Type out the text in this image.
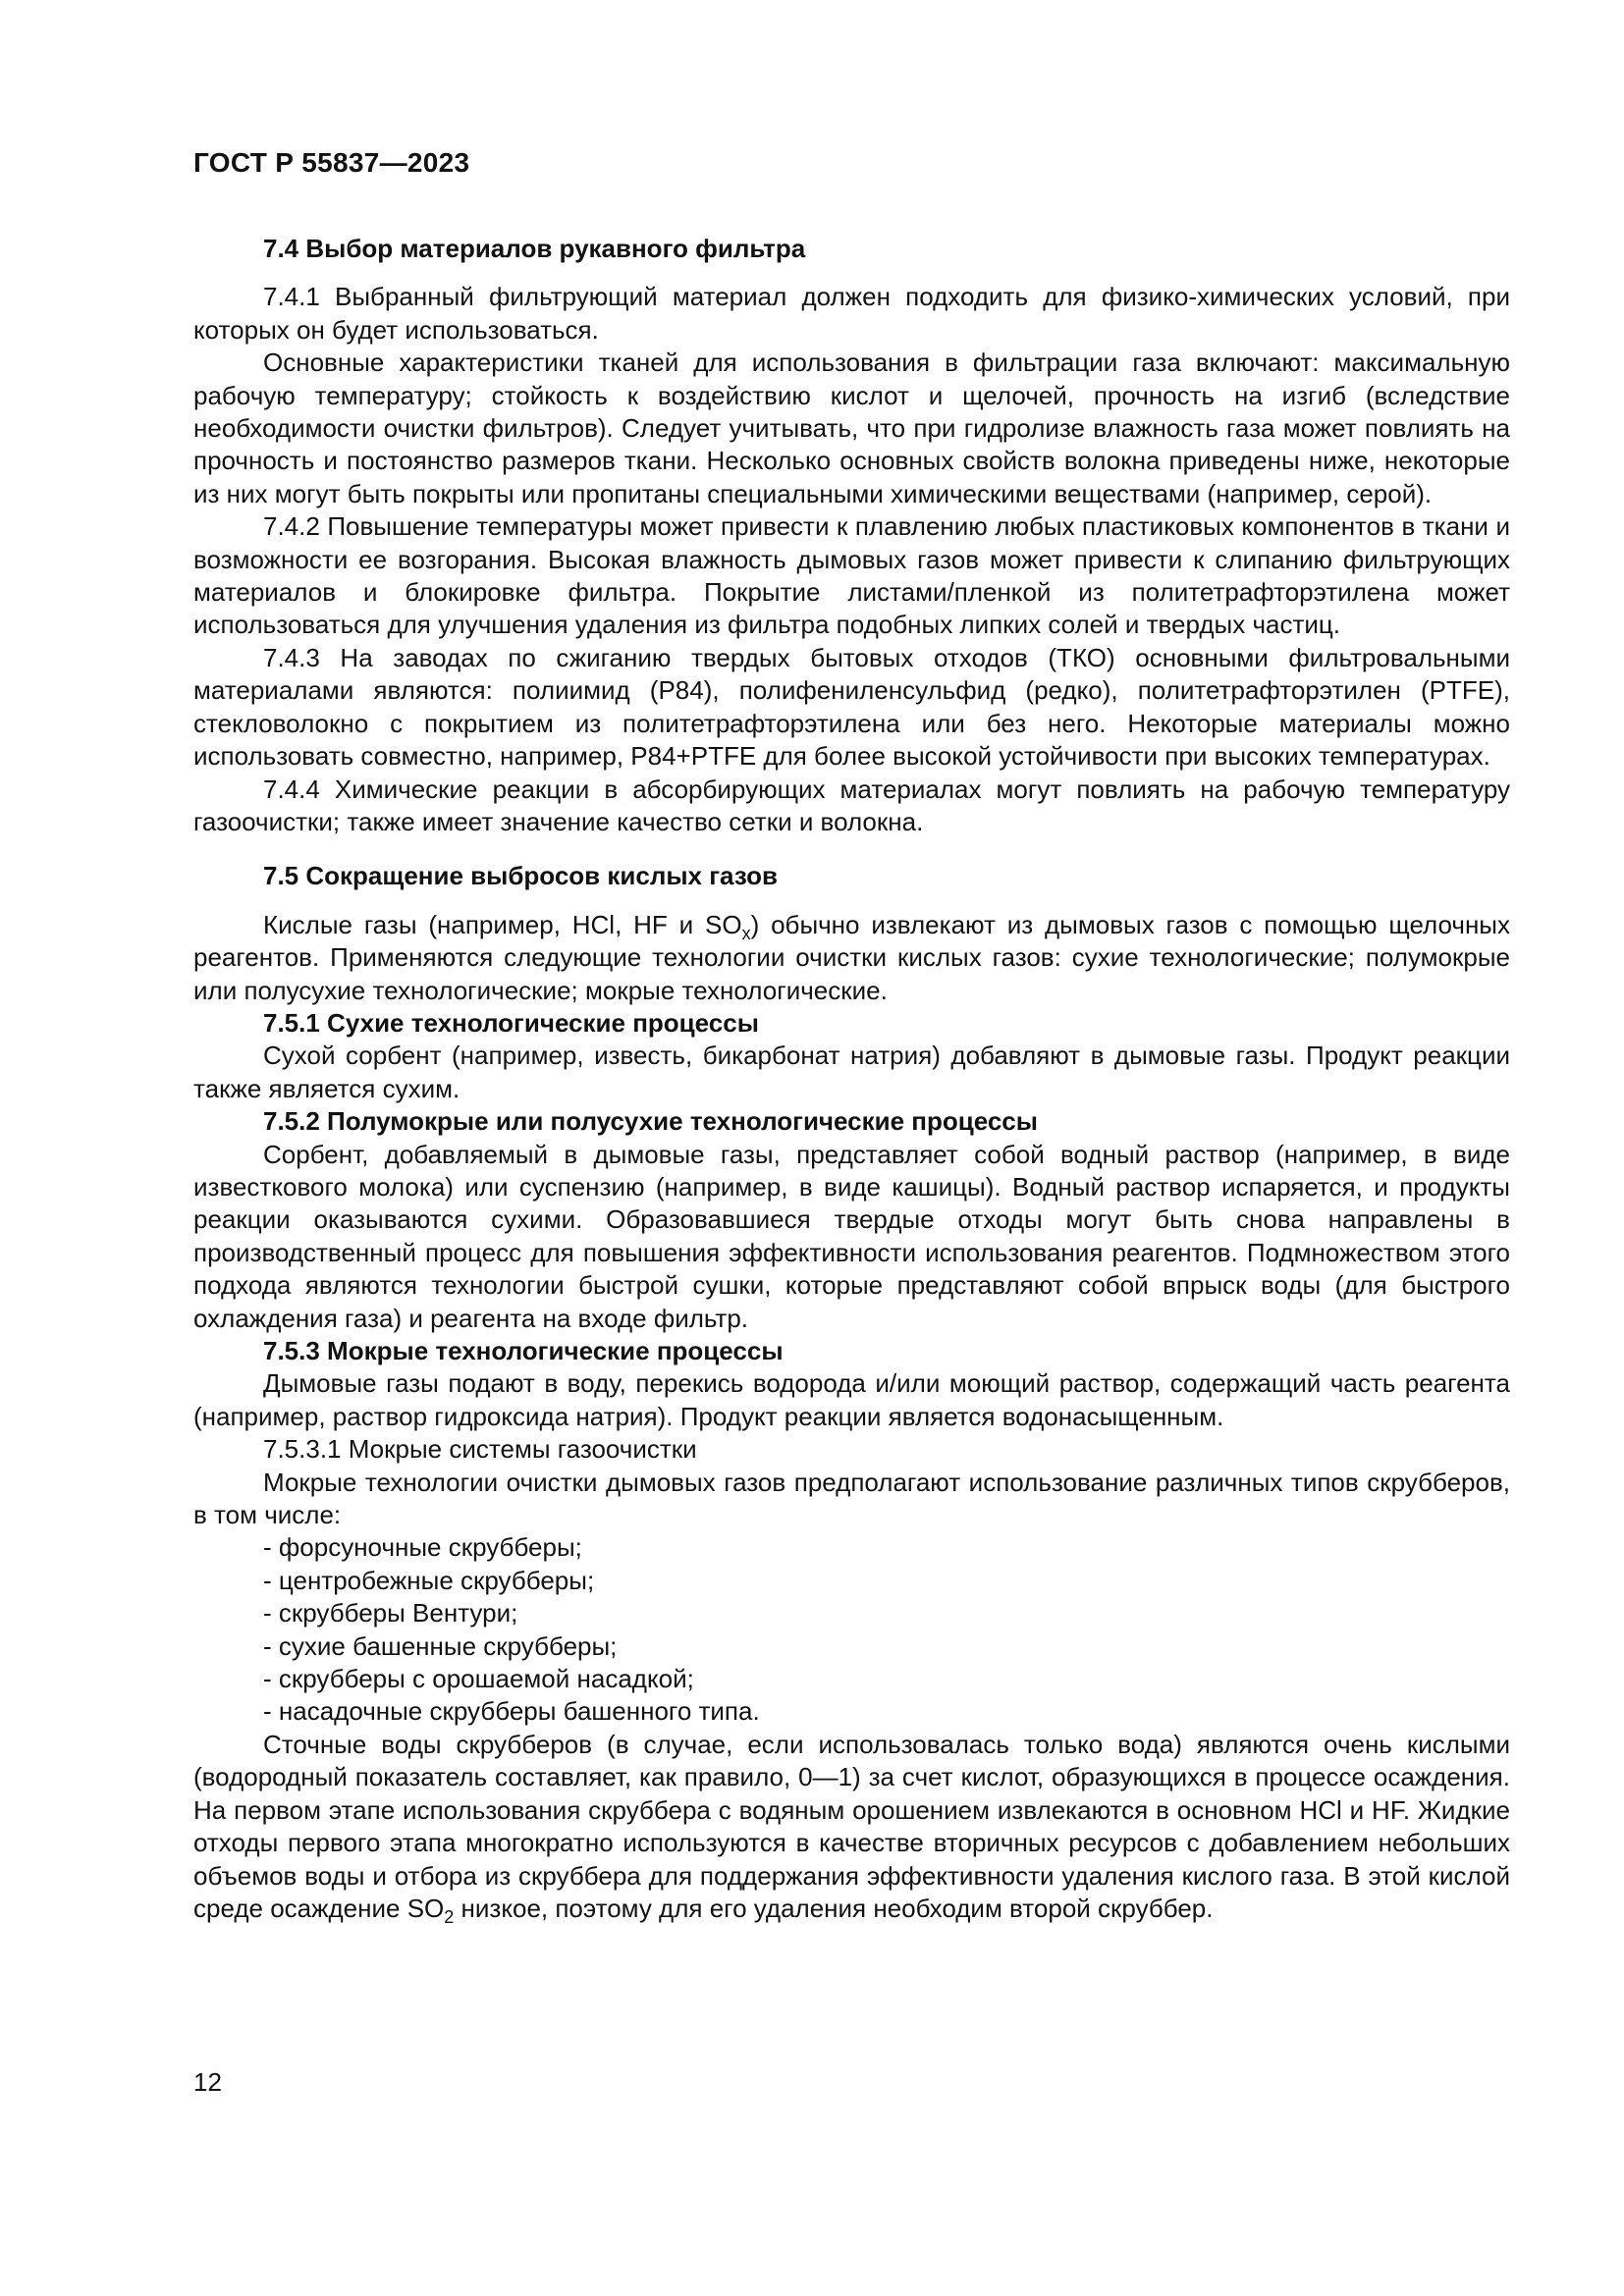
ГОСТ Р 55837—2023
7.4 Выбор материалов рукавного фильтра

7.4.1 Выбранный фильтрующий материал должен подходить для физико-химических условий, при которых он будет использоваться.

Основные характеристики тканей для использования в фильтрации газа включают: максимальную рабочую температуру; стойкость к воздействию кислот и щелочей, прочность на изгиб (вследствие необходимости очистки фильтров). Следует учитывать, что при гидролизе влажность газа может повлиять на прочность и постоянство размеров ткани. Несколько основных свойств волокна приведены ниже, некоторые из них могут быть покрыты или пропитаны специальными химическими веществами (например, серой).

7.4.2 Повышение температуры может привести к плавлению любых пластиковых компонентов в ткани и возможности ее возгорания. Высокая влажность дымовых газов может привести к слипанию фильтрующих материалов и блокировке фильтра. Покрытие листами/пленкой из политетрафторэтилена может использоваться для улучшения удаления из фильтра подобных липких солей и твердых частиц.

7.4.3 На заводах по сжиганию твердых бытовых отходов (ТКО) основными фильтровальными материалами являются: полиимид (P84), полифениленсульфид (редко), политетрафторэтилен (PTFE), стекловолокно с покрытием из политетрафторэтилена или без него. Некоторые материалы можно использовать совместно, например, P84+PTFE для более высокой устойчивости при высоких температурах.

7.4.4 Химические реакции в абсорбирующих материалах могут повлиять на рабочую температуру газоочистки; также имеет значение качество сетки и волокна.

7.5 Сокращение выбросов кислых газов

Кислые газы (например, HCl, HF и $SO_x$) обычно извлекают из дымовых газов с помощью щелочных реагентов. Применяются следующие технологии очистки кислых газов: сухие технологические; полумокрые или полусухие технологические; мокрые технологические.

7.5.1 Сухие технологические процессы

Сухой сорбент (например, известь, бикарбонат натрия) добавляют в дымовые газы. Продукт реакции также является сухим.

7.5.2 Полумокрые или полусухие технологические процессы

Сорбент, добавляемый в дымовые газы, представляет собой водный раствор (например, в виде известкового молока) или суспензию (например, в виде кашицы). Водный раствор испаряется, и продукты реакции оказываются сухими. Образовавшиеся твердые отходы могут быть снова направлены в производственный процесс для повышения эффективности использования реагентов. Подмножеством этого подхода являются технологии быстрой сушки, которые представляют собой впрыск воды (для быстрого охлаждения газа) и реагента на входе фильтр.

7.5.3 Мокрые технологические процессы

Дымовые газы подают в воду, перекись водорода и/или моющий раствор, содержащий часть реагента (например, раствор гидроксида натрия). Продукт реакции является водонасыщенным.

7.5.3.1 Мокрые системы газоочистки

Мокрые технологии очистки дымовых газов предполагают использование различных типов скрубберов, в том числе:

- форсуночные скрубберы;
- центробежные скрубберы;
- скрубберы Вентури;
- сухие башенные скрубберы;
- скрубберы с орошаемой насадкой;
- насадочные скрубберы башенного типа.

Сточные воды скрубберов (в случае, если использовалась только вода) являются очень кислыми (водородный показатель составляет, как правило, 0—1) за счет кислот, образующихся в процессе осаждения. На первом этапе использования скруббера с водяным орошением извлекаются в основном HCl и HF. Жидкие отходы первого этапа многократно используются в качестве вторичных ресурсов с добавлением небольших объемов воды и отбора из скруббера для поддержания эффективности удаления кислого газа. В этой кислой среде осаждение $SO_2$ низкое, поэтому для его удаления необходим второй скруббер.

12
